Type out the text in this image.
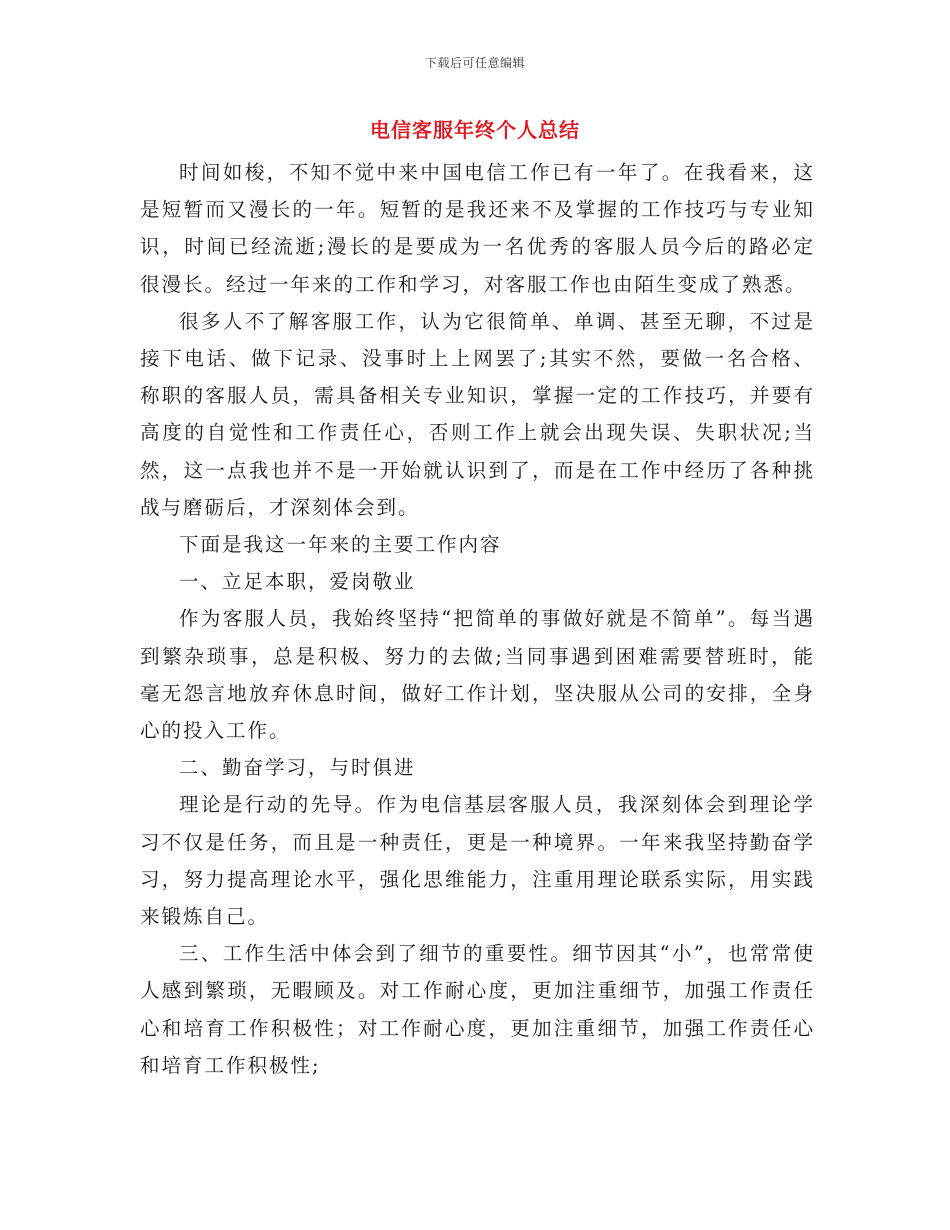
下载后可任意编辑
电信客服年终个人总结

时间如梭，不知不觉中来中国电信工作已有一年了。在我看来，这是短暂而又漫长的一年。短暂的是我还来不及掌握的工作技巧与专业知识，时间已经流逝;漫长的是要成为一名优秀的客服人员今后的路必定很漫长。经过一年来的工作和学习，对客服工作也由陌生变成了熟悉。

很多人不了解客服工作，认为它很简单、单调、甚至无聊，不过是接下电话、做下记录、没事时上上网罢了;其实不然，要做一名合格、称职的客服人员，需具备相关专业知识，掌握一定的工作技巧，并要有高度的自觉性和工作责任心，否则工作上就会出现失误、失职状况;当然，这一点我也并不是一开始就认识到了，而是在工作中经历了各种挑战与磨砺后，才深刻体会到。

下面是我这一年来的主要工作内容

一、立足本职，爱岗敬业

作为客服人员，我始终坚持“把简单的事做好就是不简单”。每当遇到繁杂琐事，总是积极、努力的去做;当同事遇到困难需要替班时，能毫无怨言地放弃休息时间，做好工作计划，坚决服从公司的安排，全身心的投入工作。

二、勤奋学习，与时俱进

理论是行动的先导。作为电信基层客服人员，我深刻体会到理论学习不仅是任务，而且是一种责任，更是一种境界。一年来我坚持勤奋学习，努力提高理论水平，强化思维能力，注重用理论联系实际，用实践来锻炼自己。

三、工作生活中体会到了细节的重要性。细节因其“小”，也常常使人感到繁琐，无暇顾及。对工作耐心度，更加注重细节，加强工作责任心和培育工作积极性；对工作耐心度，更加注重细节，加强工作责任心和培育工作积极性;
